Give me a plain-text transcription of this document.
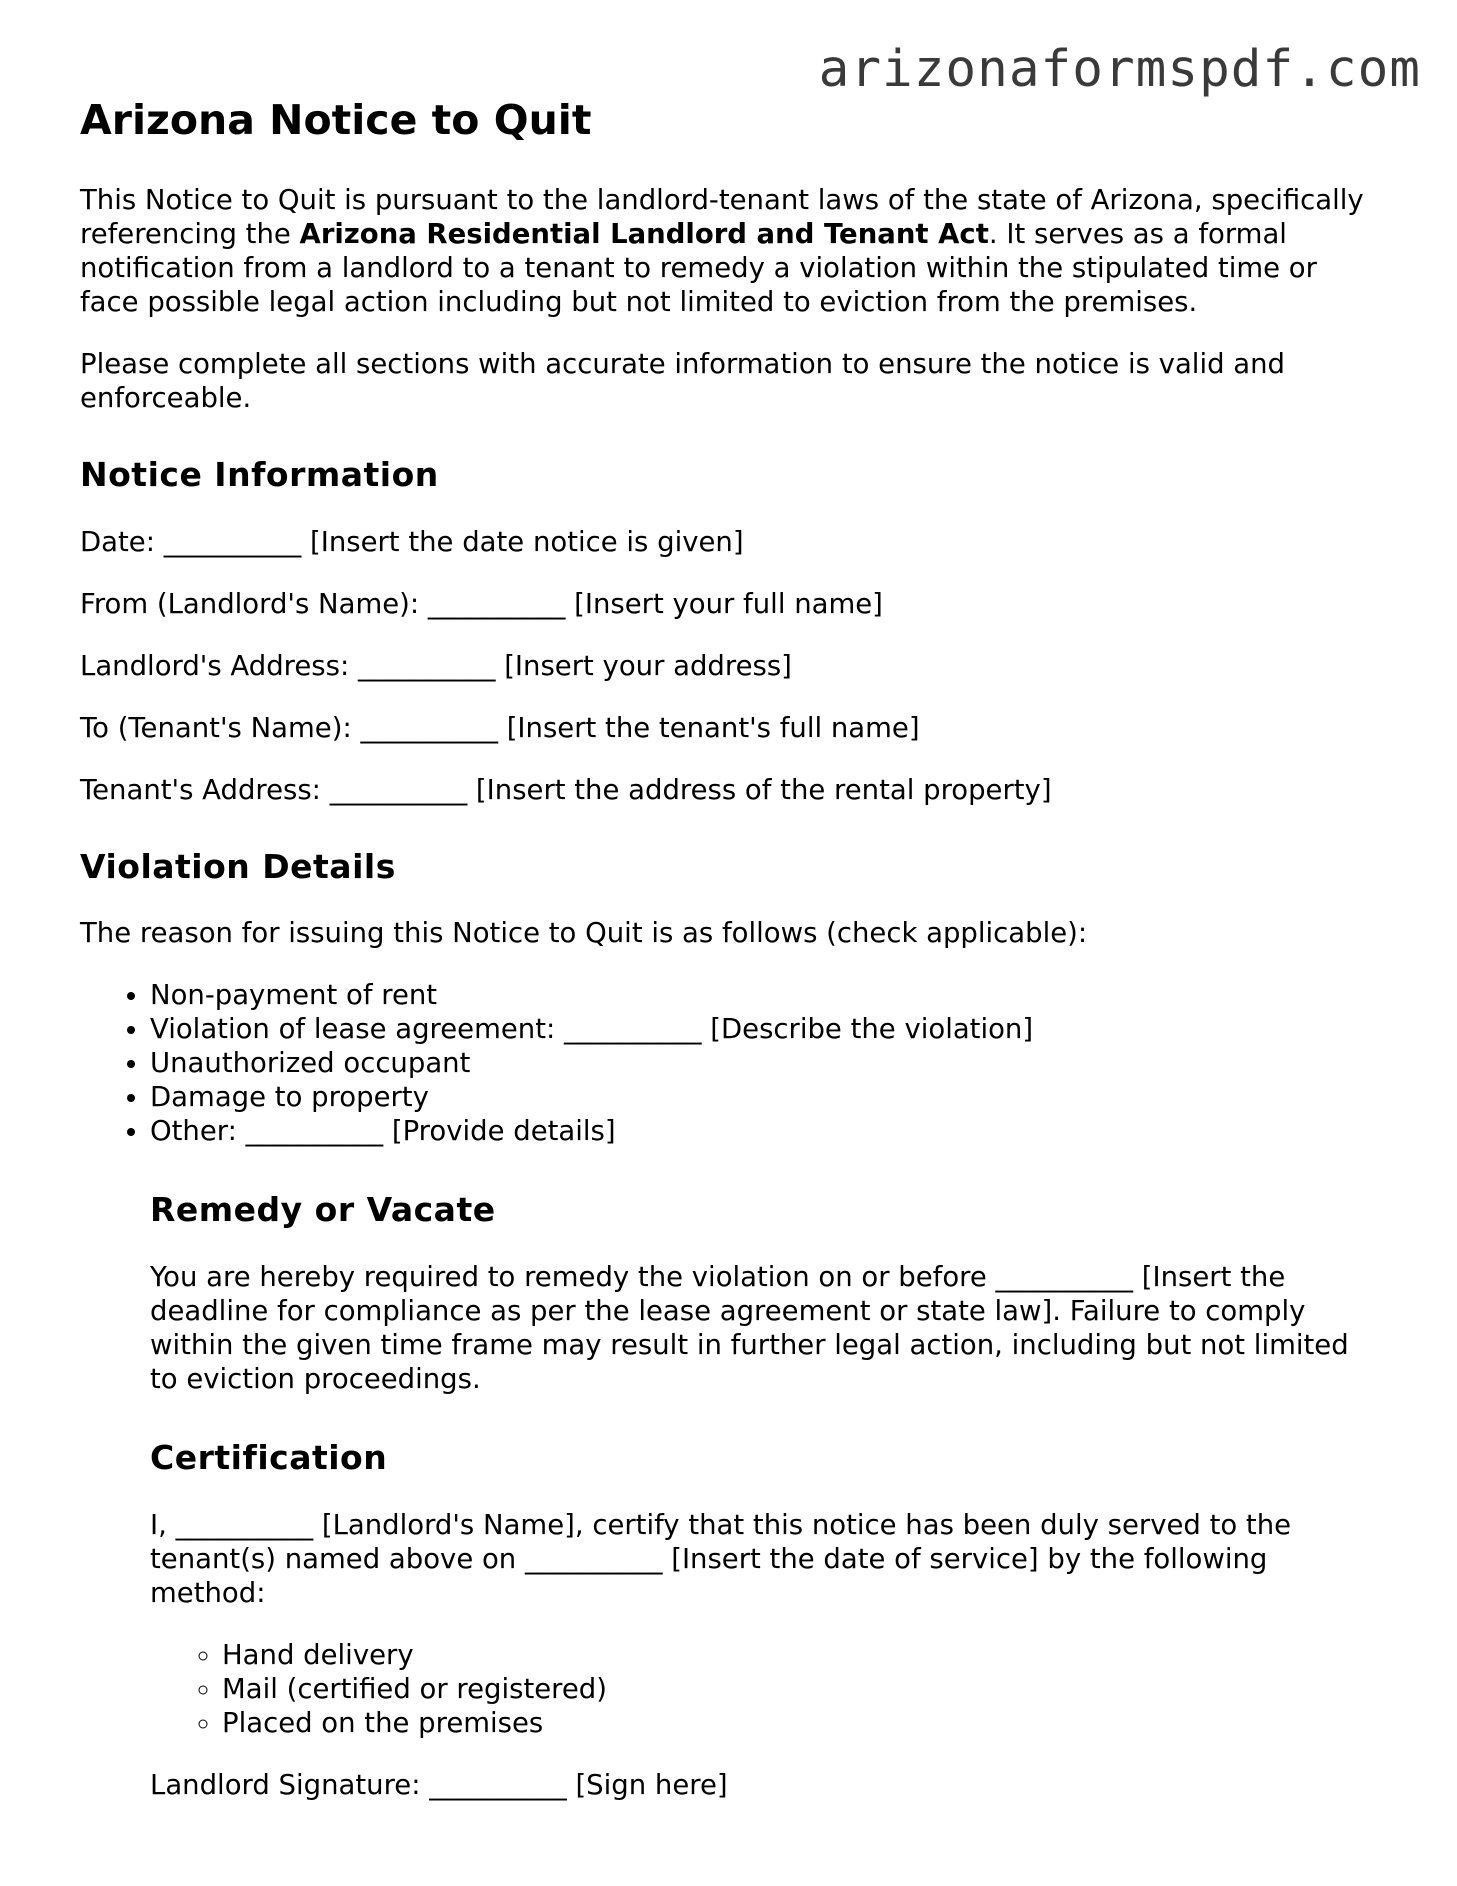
arizonaformspdf.com
Arizona Notice to Quit

This Notice to Quit is pursuant to the landlord-tenant laws of the state of Arizona, specifically referencing the Arizona Residential Landlord and Tenant Act. It serves as a formal notification from a landlord to a tenant to remedy a violation within the stipulated time or face possible legal action including but not limited to eviction from the premises.

Please complete all sections with accurate information to ensure the notice is valid and enforceable.

Notice Information
Date: __________ [Insert the date notice is given]
From (Landlord's Name): __________ [Insert your full name]
Landlord's Address: __________ [Insert your address]
To (Tenant's Name): __________ [Insert the tenant's full name]
Tenant's Address: __________ [Insert the address of the rental property]
Violation Details

The reason for issuing this Notice to Quit is as follows (check applicable):

• Non-payment of rent
• Violation of lease agreement: __________ [Describe the violation]
• Unauthorized occupant
• Damage to property
• Other: __________ [Provide details]
Remedy or Vacate

You are hereby required to remedy the violation on or before __________ [Insert the deadline for compliance as per the lease agreement or state law]. Failure to comply within the given time frame may result in further legal action, including but not limited to eviction proceedings.

Certification

I, __________ [Landlord's Name], certify that this notice has been duly served to the tenant(s) named above on __________ [Insert the date of service] by the following method:

◦ Hand delivery
◦ Mail (certified or registered)
◦ Placed on the premises
Landlord Signature: __________ [Sign here]
